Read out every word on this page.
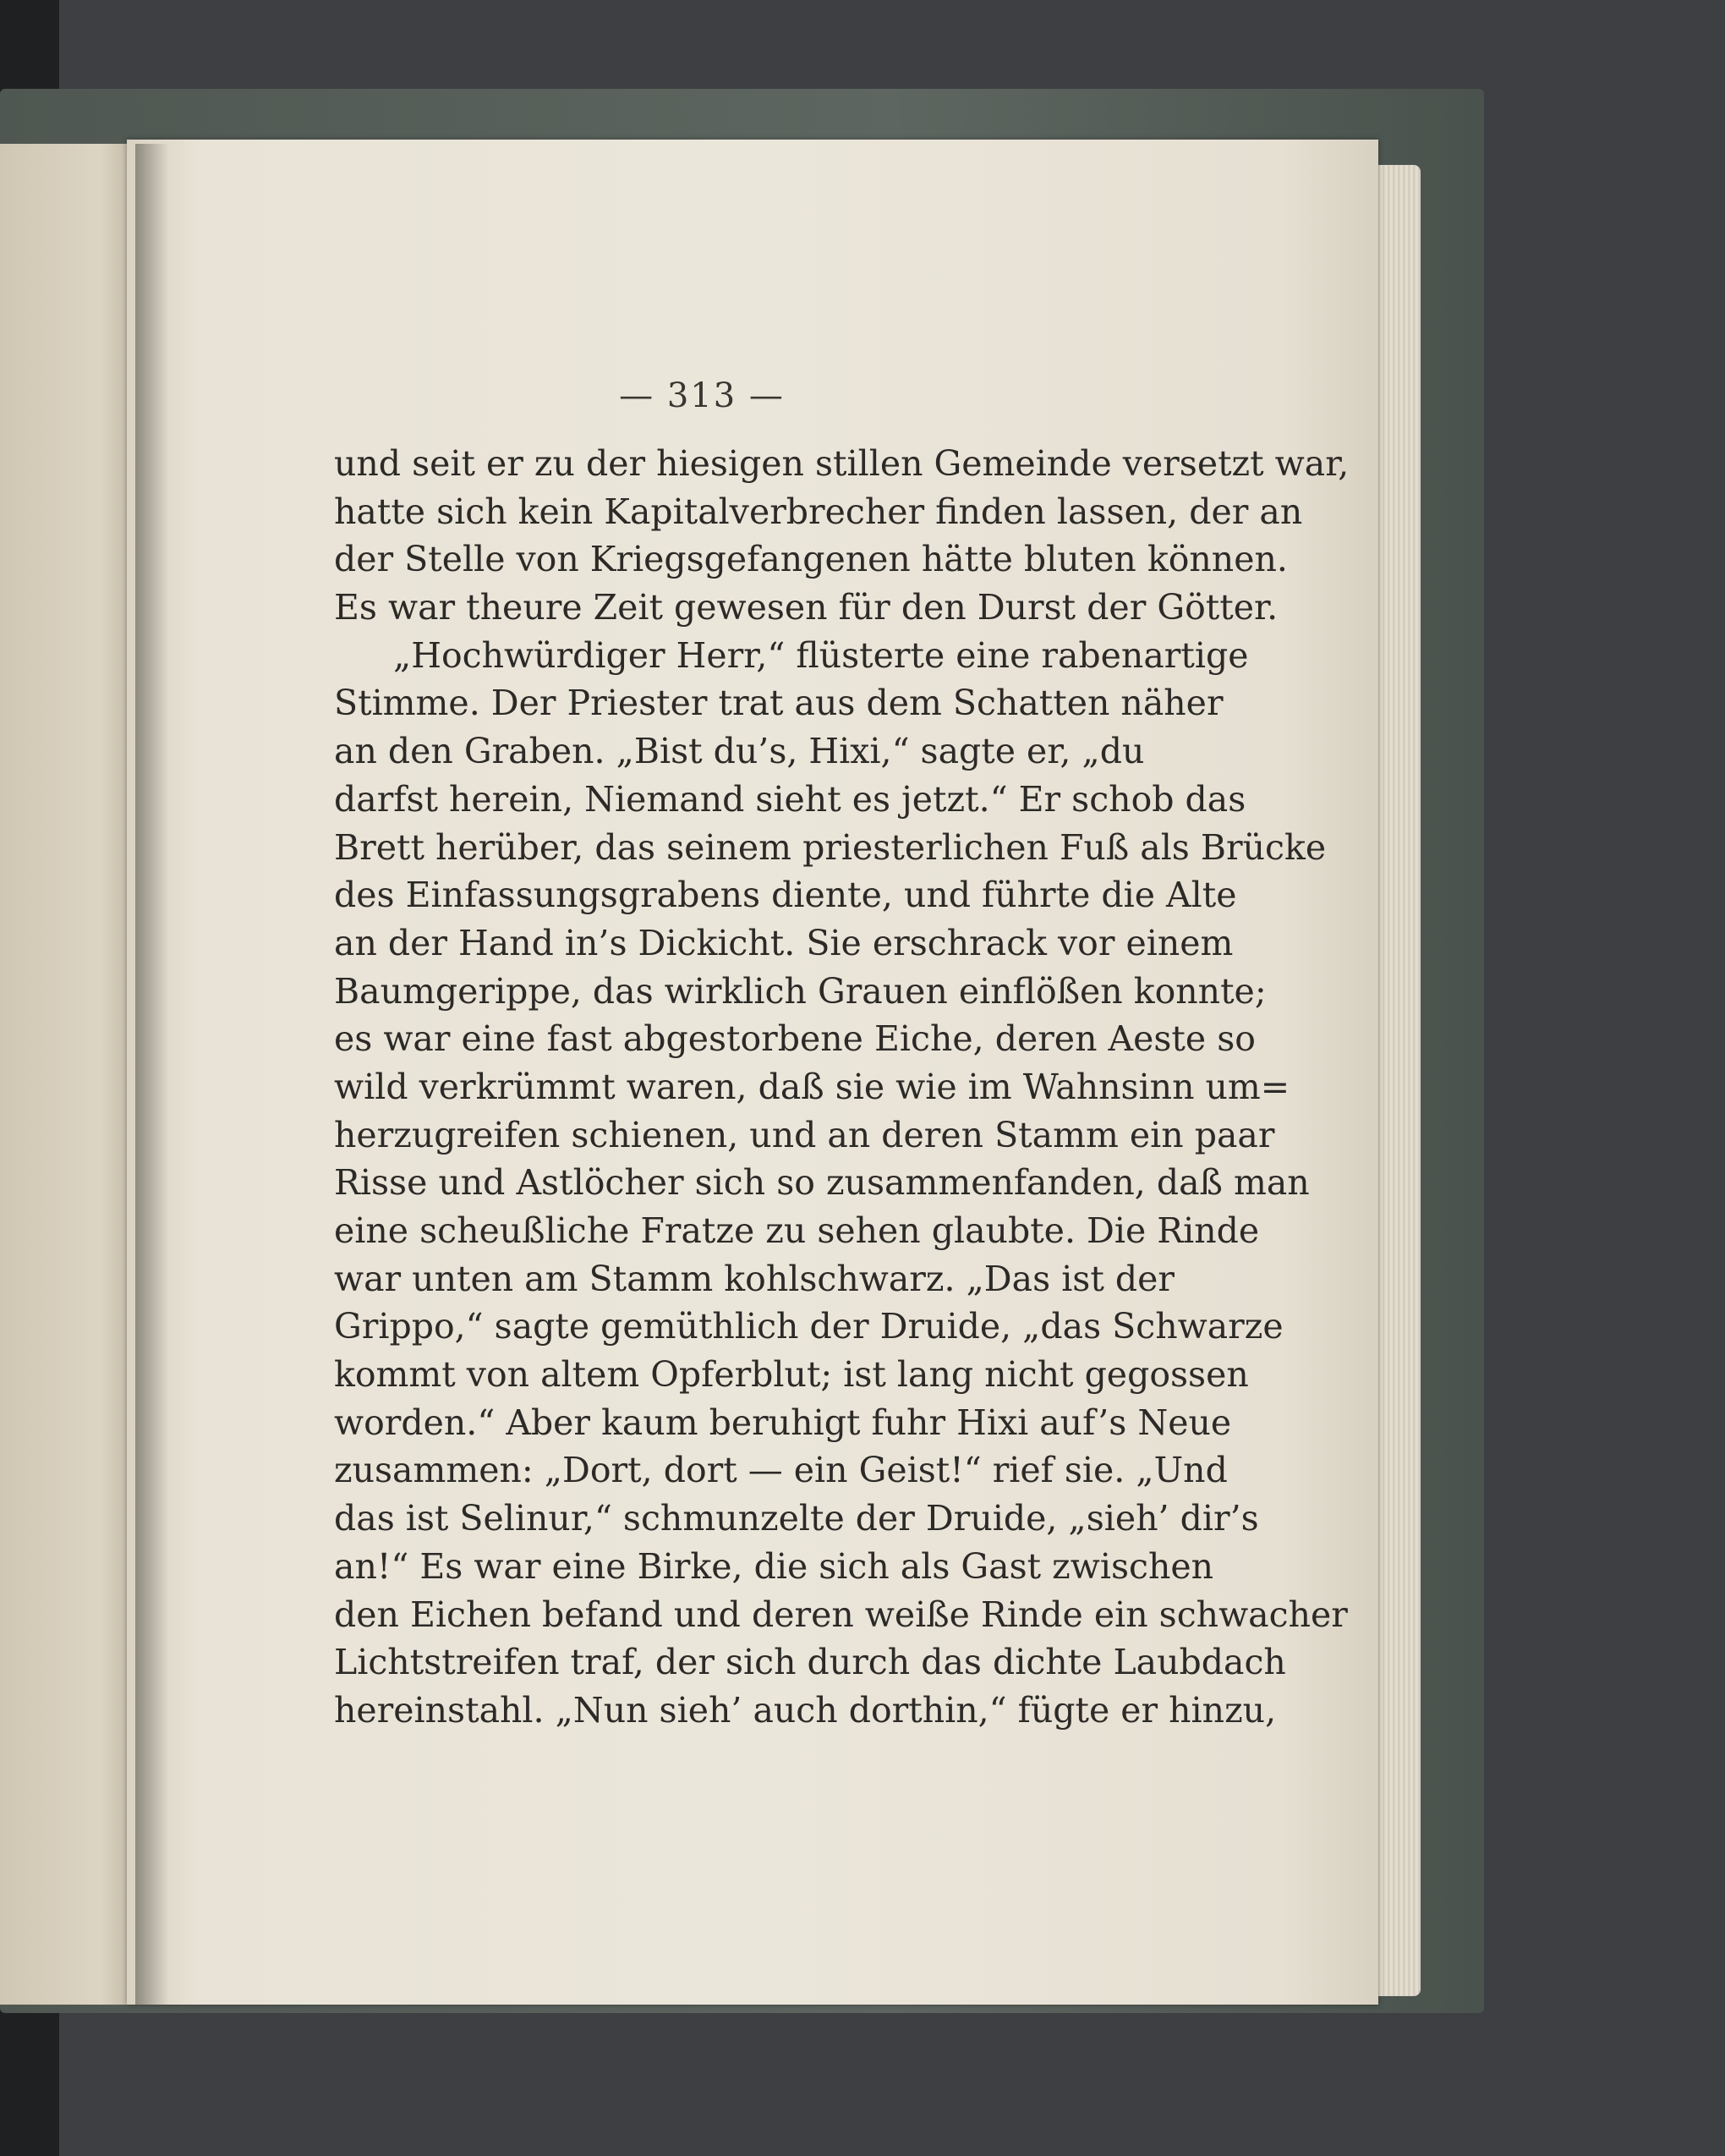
— 313 —
und seit er zu der hiesigen stillen Gemeinde versetzt war,
hatte sich kein Kapitalverbrecher finden lassen, der an
der Stelle von Kriegsgefangenen hätte bluten können.
Es war theure Zeit gewesen für den Durst der Götter.
„Hochwürdiger Herr,“ flüsterte eine rabenartige
Stimme. Der Priester trat aus dem Schatten näher
an den Graben. „Bist du’s, Hixi,“ sagte er, „du
darfst herein, Niemand sieht es jetzt.“ Er schob das
Brett herüber, das seinem priesterlichen Fuß als Brücke
des Einfassungsgrabens diente, und führte die Alte
an der Hand in’s Dickicht. Sie erschrack vor einem
Baumgerippe, das wirklich Grauen einflößen konnte;
es war eine fast abgestorbene Eiche, deren Aeste so
wild verkrümmt waren, daß sie wie im Wahnsinn um=
herzugreifen schienen, und an deren Stamm ein paar
Risse und Astlöcher sich so zusammenfanden, daß man
eine scheußliche Fratze zu sehen glaubte. Die Rinde
war unten am Stamm kohlschwarz. „Das ist der
Grippo,“ sagte gemüthlich der Druide, „das Schwarze
kommt von altem Opferblut; ist lang nicht gegossen
worden.“ Aber kaum beruhigt fuhr Hixi auf’s Neue
zusammen: „Dort, dort — ein Geist!“ rief sie. „Und
das ist Selinur,“ schmunzelte der Druide, „sieh’ dir’s
an!“ Es war eine Birke, die sich als Gast zwischen
den Eichen befand und deren weiße Rinde ein schwacher
Lichtstreifen traf, der sich durch das dichte Laubdach
hereinstahl. „Nun sieh’ auch dorthin,“ fügte er hinzu,
